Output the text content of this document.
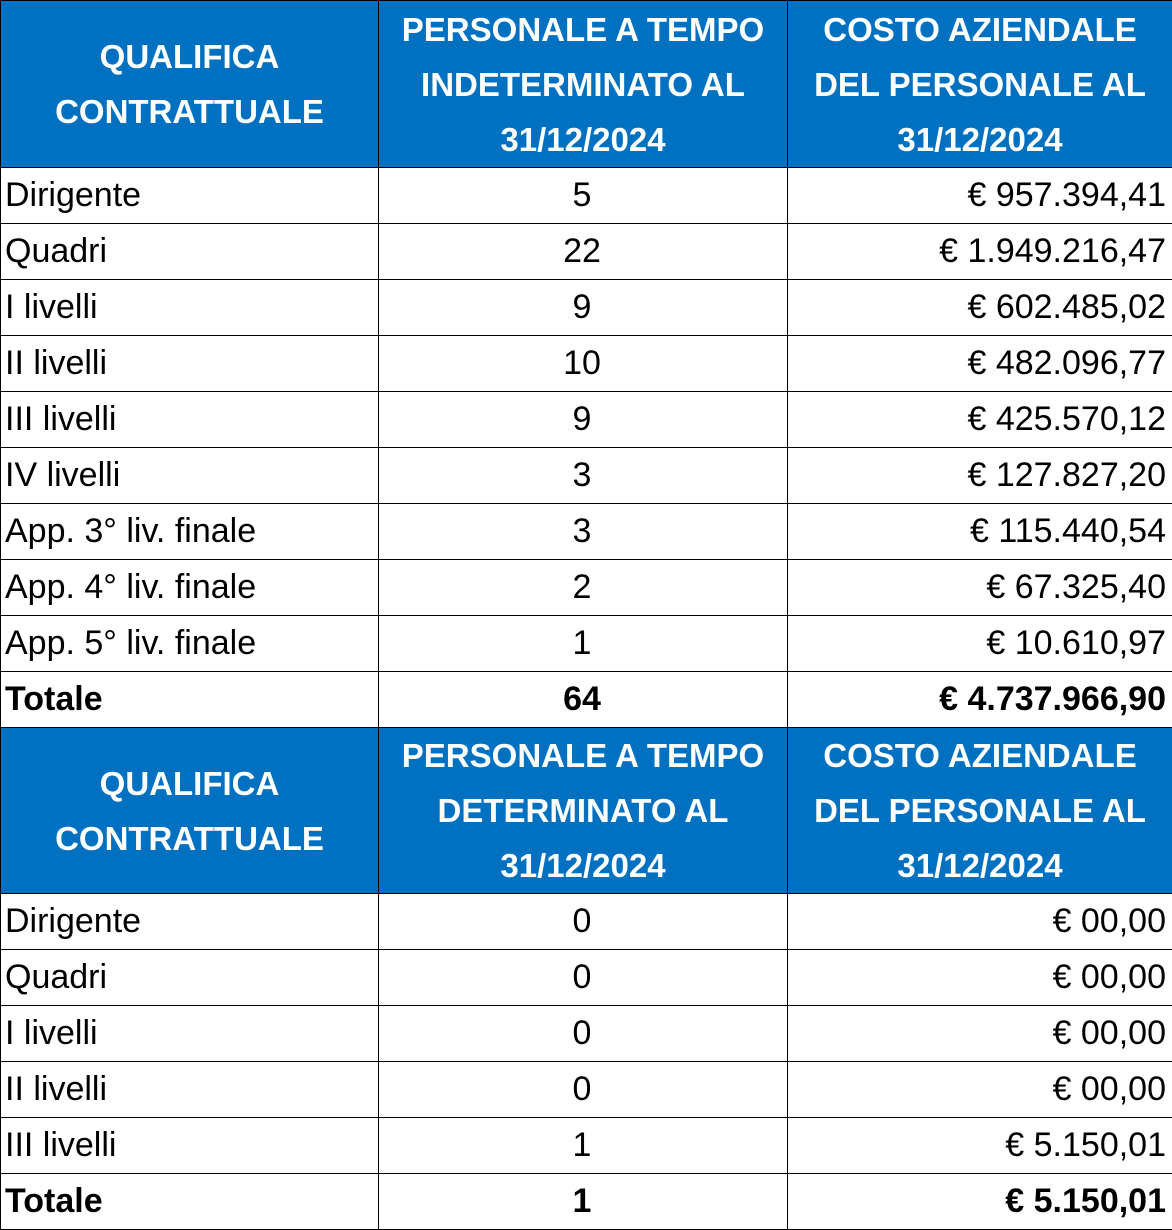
QUALIFICA CONTRATTUALE	PERSONALE A TEMPO INDETERMINATO AL 31/12/2024	COSTO AZIENDALE DEL PERSONALE AL 31/12/2024
Dirigente	5	€ 957.394,41
Quadri	22	€ 1.949.216,47
I livelli	9	€ 602.485,02
II livelli	10	€ 482.096,77
III livelli	9	€ 425.570,12
IV livelli	3	€ 127.827,20
App. 3° liv. finale	3	€ 115.440,54
App. 4° liv. finale	2	€ 67.325,40
App. 5° liv. finale	1	€ 10.610,97
Totale	64	€ 4.737.966,90
QUALIFICA CONTRATTUALE	PERSONALE A TEMPO DETERMINATO AL 31/12/2024	COSTO AZIENDALE DEL PERSONALE AL 31/12/2024
Dirigente	0	€ 00,00
Quadri	0	€ 00,00
I livelli	0	€ 00,00
II livelli	0	€ 00,00
III livelli	1	€ 5.150,01
Totale	1	€ 5.150,01
